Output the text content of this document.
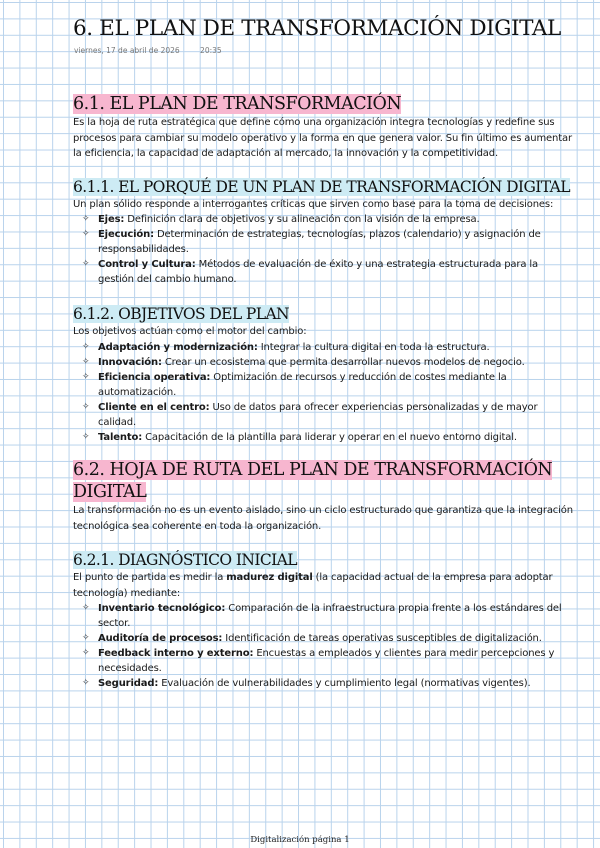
6. EL PLAN DE TRANSFORMACIÓN DIGITAL
viernes, 17 de abril de 2026	20:35
6.1. EL PLAN DE TRANSFORMACIÓN

Es la hoja de ruta estratégica que define cómo una organización integra tecnologías y redefine sus procesos para cambiar su modelo operativo y la forma en que genera valor. Su fin último es aumentar la eficiencia, la capacidad de adaptación al mercado, la innovación y la competitividad.

6.1.1. EL PORQUÉ DE UN PLAN DE TRANSFORMACIÓN DIGITAL

Un plan sólido responde a interrogantes críticas que sirven como base para la toma de decisiones:

✧ Ejes: Definición clara de objetivos y su alineación con la visión de la empresa.
✧ Ejecución: Determinación de estrategias, tecnologías, plazos (calendario) y asignación de responsabilidades.
✧ Control y Cultura: Métodos de evaluación de éxito y una estrategia estructurada para la gestión del cambio humano.
6.1.2. OBJETIVOS DEL PLAN

Los objetivos actúan como el motor del cambio:

✧ Adaptación y modernización: Integrar la cultura digital en toda la estructura.
✧ Innovación: Crear un ecosistema que permita desarrollar nuevos modelos de negocio.
✧ Eficiencia operativa: Optimización de recursos y reducción de costes mediante la automatización.
✧ Cliente en el centro: Uso de datos para ofrecer experiencias personalizadas y de mayor calidad.
✧ Talento: Capacitación de la plantilla para liderar y operar en el nuevo entorno digital.
6.2. HOJA DE RUTA DEL PLAN DE TRANSFORMACIÓN
DIGITAL

La transformación no es un evento aislado, sino un ciclo estructurado que garantiza que la integración tecnológica sea coherente en toda la organización.

6.2.1. DIAGNÓSTICO INICIAL

El punto de partida es medir la madurez digital (la capacidad actual de la empresa para adoptar tecnología) mediante:

✧ Inventario tecnológico: Comparación de la infraestructura propia frente a los estándares del sector.
✧ Auditoría de procesos: Identificación de tareas operativas susceptibles de digitalización.
✧ Feedback interno y externo: Encuestas a empleados y clientes para medir percepciones y necesidades.
✧ Seguridad: Evaluación de vulnerabilidades y cumplimiento legal (normativas vigentes).
Digitalización página 1
